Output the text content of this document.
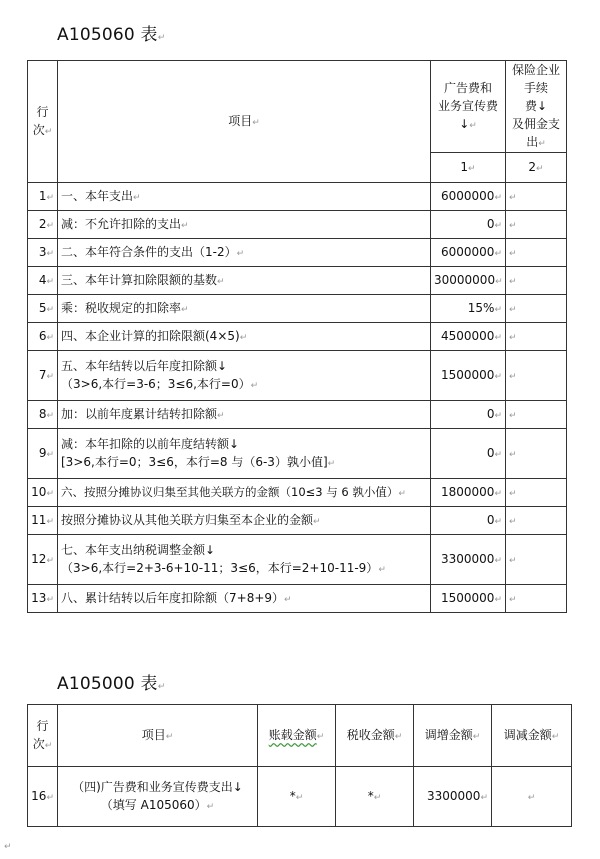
A105060 表↵
行
次↵	项目↵	广告费和
业务宣传费↓↵	保险企业手续
费↓
及佣金支出↵
		1↵	2↵
1↵	一、本年支出↵	6000000↵	↵
2↵	减：不允许扣除的支出↵	0↵	↵
3↵	二、本年符合条件的支出（1-2）↵	6000000↵	↵
4↵	三、本年计算扣除限额的基数↵	30000000↵	↵
5↵	乘：税收规定的扣除率↵	15%↵	↵
6↵	四、本企业计算的扣除限额(4×5)↵	4500000↵	↵
7↵	五、本年结转以后年度扣除额↓
（3>6,本行=3-6；3≤6,本行=0）↵	1500000↵	↵
8↵	加：以前年度累计结转扣除额↵	0↵	↵
9↵	减：本年扣除的以前年度结转额↓
[3>6,本行=0；3≤6，本行=8 与（6-3）孰小值]↵	0↵	↵
10↵	六、按照分摊协议归集至其他关联方的金额（10≤3 与 6 孰小值）↵	1800000↵	↵
11↵	按照分摊协议从其他关联方归集至本企业的金额↵	0↵	↵
12↵	七、本年支出纳税调整金额↓
（3>6,本行=2+3-6+10-11；3≤6，本行=2+10-11-9）↵	3300000↵	↵
13↵	八、累计结转以后年度扣除额（7+8+9）↵	1500000↵	↵
A105000 表↵
行
次↵	项目↵	账载金额↵	税收金额↵	调增金额↵	调减金额↵
16↵	（四)广告费和业务宣传费支出↓
（填写 A105060）↵	*↵	*↵	3300000↵	↵
↵
